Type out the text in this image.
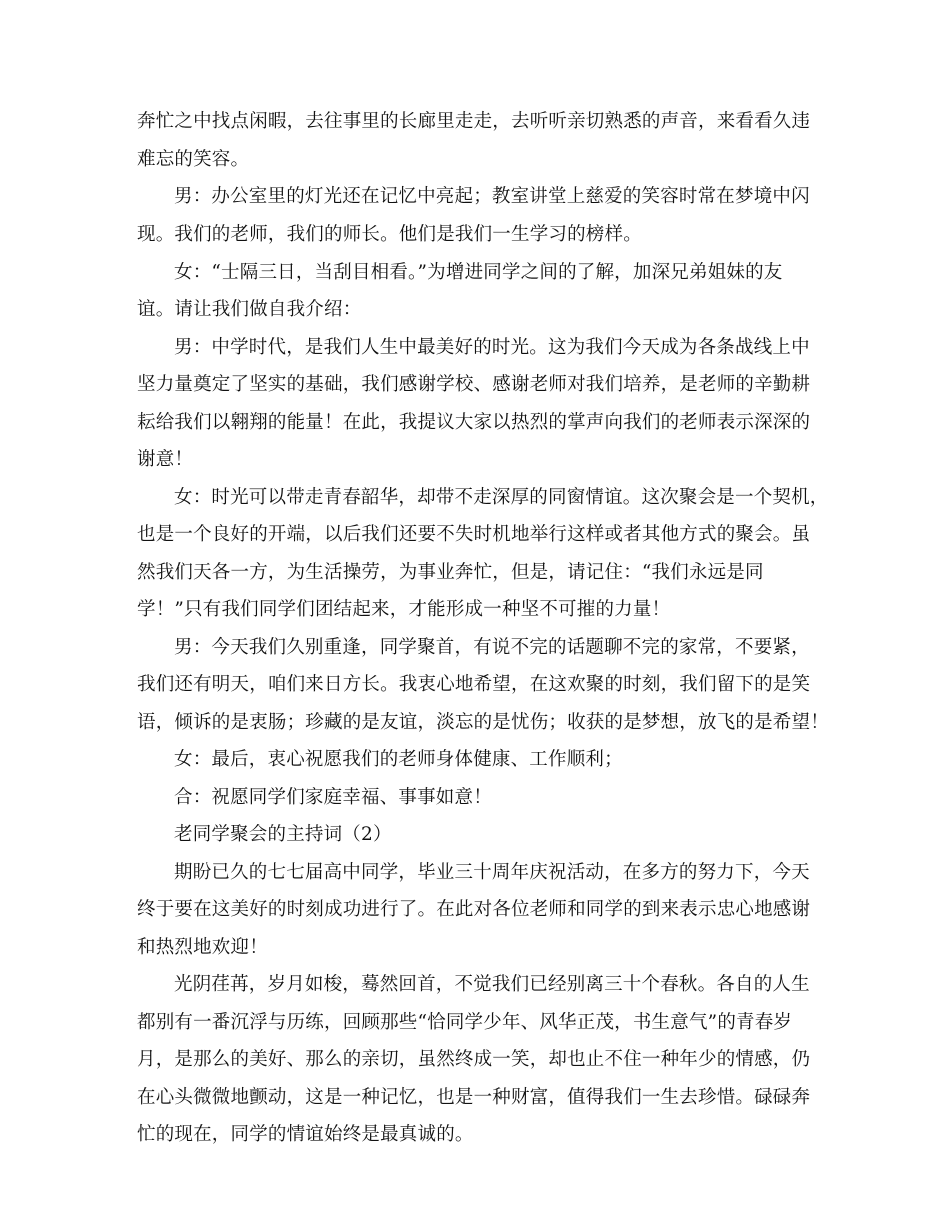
奔忙之中找点闲暇，去往事里的长廊里走走，去听听亲切熟悉的声音，来看看久违
难忘的笑容。
男：办公室里的灯光还在记忆中亮起；教室讲堂上慈爱的笑容时常在梦境中闪
现。我们的老师，我们的师长。他们是我们一生学习的榜样。
女：“士隔三日，当刮目相看。”为增进同学之间的了解，加深兄弟姐妹的友
谊。请让我们做自我介绍：
男：中学时代，是我们人生中最美好的时光。这为我们今天成为各条战线上中
坚力量奠定了坚实的基础，我们感谢学校、感谢老师对我们培养，是老师的辛勤耕
耘给我们以翱翔的能量！在此，我提议大家以热烈的掌声向我们的老师表示深深的
谢意！
女：时光可以带走青春韶华，却带不走深厚的同窗情谊。这次聚会是一个契机，
也是一个良好的开端，以后我们还要不失时机地举行这样或者其他方式的聚会。虽
然我们天各一方，为生活操劳，为事业奔忙，但是，请记住：“我们永远是同
学！”只有我们同学们团结起来，才能形成一种坚不可摧的力量！
男：今天我们久别重逢，同学聚首，有说不完的话题聊不完的家常，不要紧，
我们还有明天，咱们来日方长。我衷心地希望，在这欢聚的时刻，我们留下的是笑
语，倾诉的是衷肠；珍藏的是友谊，淡忘的是忧伤；收获的是梦想，放飞的是希望！
女：最后，衷心祝愿我们的老师身体健康、工作顺利；
合：祝愿同学们家庭幸福、事事如意！
老同学聚会的主持词（2）
期盼已久的七七届高中同学，毕业三十周年庆祝活动，在多方的努力下，今天
终于要在这美好的时刻成功进行了。在此对各位老师和同学的到来表示忠心地感谢
和热烈地欢迎！
光阴荏苒，岁月如梭，蓦然回首，不觉我们已经别离三十个春秋。各自的人生
都别有一番沉浮与历练，回顾那些“恰同学少年、风华正茂，书生意气”的青春岁
月，是那么的美好、那么的亲切，虽然终成一笑，却也止不住一种年少的情感，仍
在心头微微地颤动，这是一种记忆，也是一种财富，值得我们一生去珍惜。碌碌奔
忙的现在，同学的情谊始终是最真诚的。
